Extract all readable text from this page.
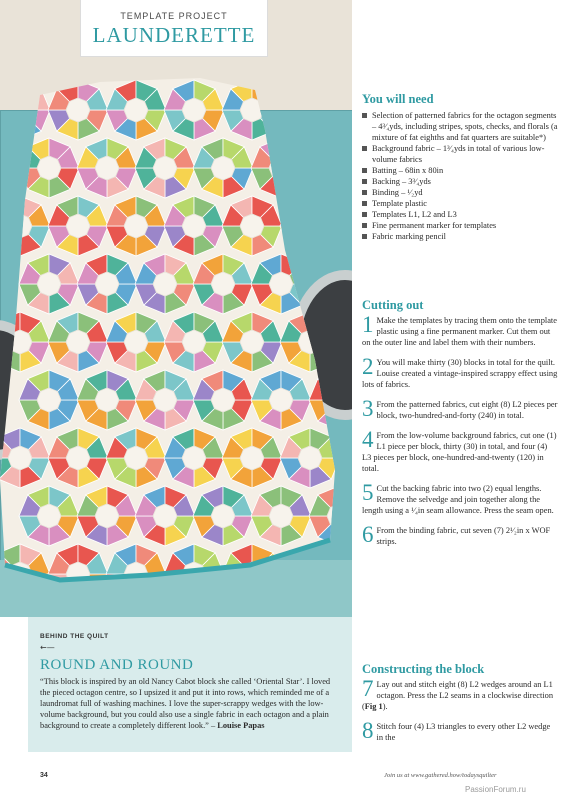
TEMPLATE PROJECT
LAUNDERETTE
You will need
Selection of patterned fabrics for the octagon segments – 4³⁄₄yds, including stripes, spots, checks, and florals (a mixture of fat eighths and fat quarters are suitable*)
Background fabric – 1³⁄₄yds in total of various low-volume fabrics
Batting – 68in x 80in
Backing – 3³⁄₄yds
Binding – ¹⁄₂yd
Template plastic
Templates L1, L2 and L3
Fine permanent marker for templates
Fabric marking pencil
Cutting out
1 Make the templates by tracing them onto the template plastic using a fine permanent marker. Cut them out on the outer line and label them with their numbers.
2 You will make thirty (30) blocks in total for the quilt. Louise created a vintage-inspired scrappy effect using lots of fabrics.
3 From the patterned fabrics, cut eight (8) L2 pieces per block, two-hundred-and-forty (240) in total.
4 From the low-volume background fabrics, cut one (1) L1 piece per block, thirty (30) in total, and four (4) L3 pieces per block, one-hundred-and-twenty (120) in total.
5 Cut the backing fabric into two (2) equal lengths. Remove the selvedge and join together along the length using a ¹⁄₄in seam allowance. Press the seam open.
6 From the binding fabric, cut seven (7) 2¹⁄₂in x WOF strips.
Constructing the block
7 Lay out and stitch eight (8) L2 wedges around an L1 octagon. Press the L2 seams in a clockwise direction (Fig 1).
8 Stitch four (4) L3 triangles to every other L2 wedge in the
BEHIND THE QUILT
←—
ROUND AND ROUND
“This block is inspired by an old Nancy Cabot block she called ‘Oriental Star’. I loved the pieced octagon centre, so I upsized it and put it into rows, which reminded me of a laundromat full of washing machines. I love the super-scrappy wedges with the low-volume background, but you could also use a single fabric in each octagon and a plain background to create a completely different look.” – Louise Papas
34	Join us at www.gathered.how/todaysquilter
PassionForum.ru
